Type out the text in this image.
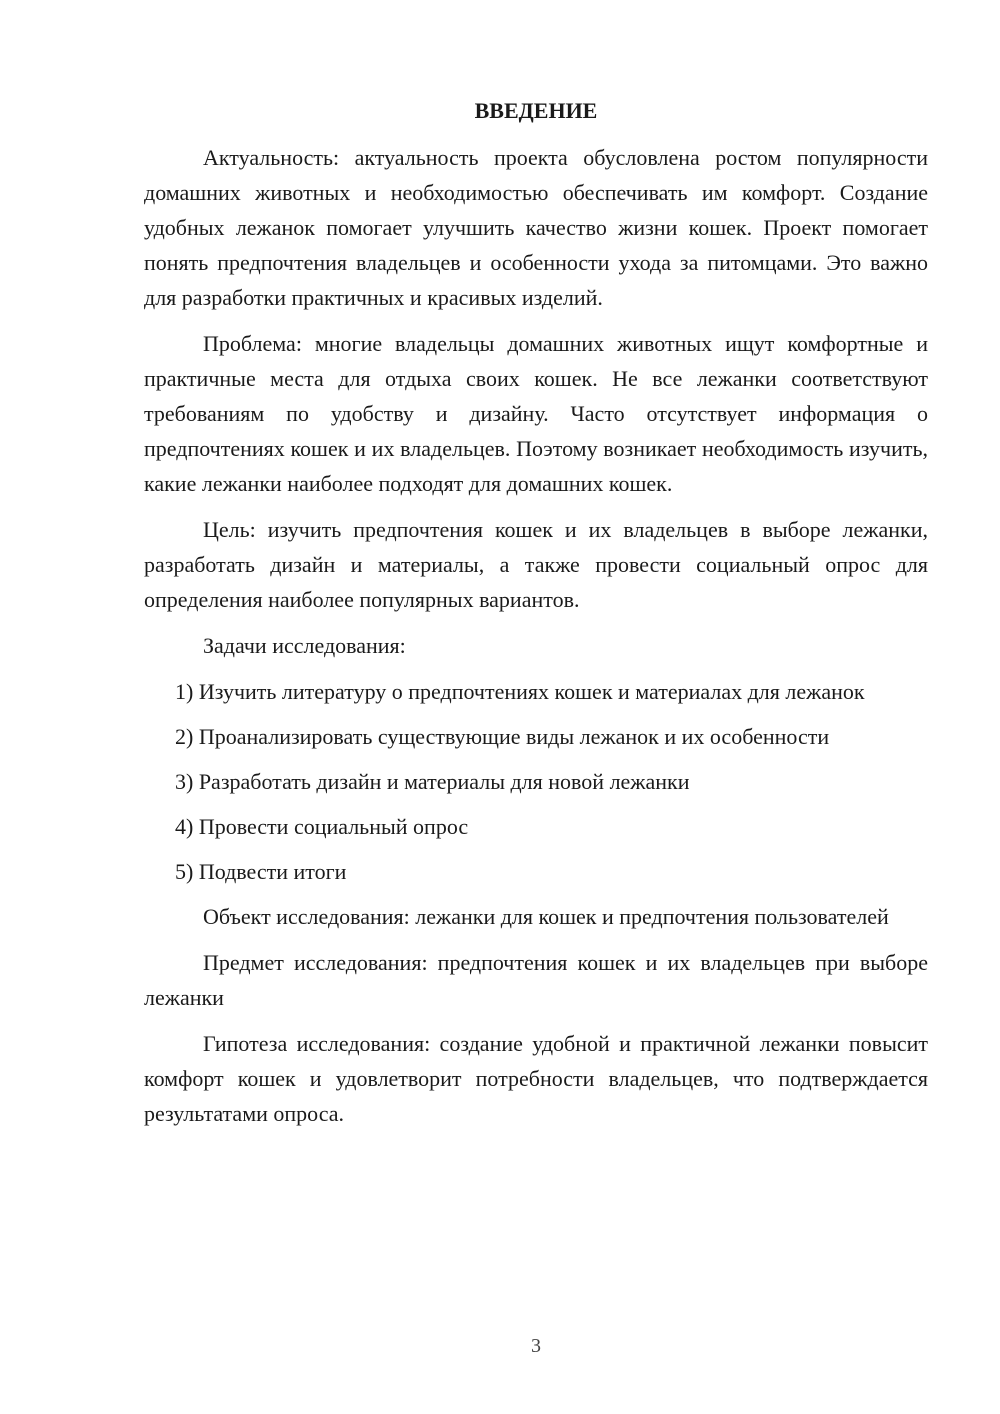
ВВЕДЕНИЕ

Актуальность: актуальность проекта обусловлена ростом популярности домашних животных и необходимостью обеспечивать им комфорт. Создание удобных лежанок помогает улучшить качество жизни кошек. Проект помогает понять предпочтения владельцев и особенности ухода за питомцами. Это важно для разработки практичных и красивых изделий.

Проблема: многие владельцы домашних животных ищут комфортные и практичные места для отдыха своих кошек. Не все лежанки соответствуют требованиям по удобству и дизайну. Часто отсутствует информация о предпочтениях кошек и их владельцев. Поэтому возникает необходимость изучить, какие лежанки наиболее подходят для домашних кошек.

Цель: изучить предпочтения кошек и их владельцев в выборе лежанки, разработать дизайн и материалы, а также провести социальный опрос для определения наиболее популярных вариантов.

Задачи исследования:

1) Изучить литературу о предпочтениях кошек и материалах для лежанок

2) Проанализировать существующие виды лежанок и их особенности

3) Разработать дизайн и материалы для новой лежанки

4) Провести социальный опрос

5) Подвести итоги

Объект исследования: лежанки для кошек и предпочтения пользователей

Предмет исследования: предпочтения кошек и их владельцев при выборе лежанки

Гипотеза исследования: создание удобной и практичной лежанки повысит комфорт кошек и удовлетворит потребности владельцев, что подтверждается результатами опроса.

3
